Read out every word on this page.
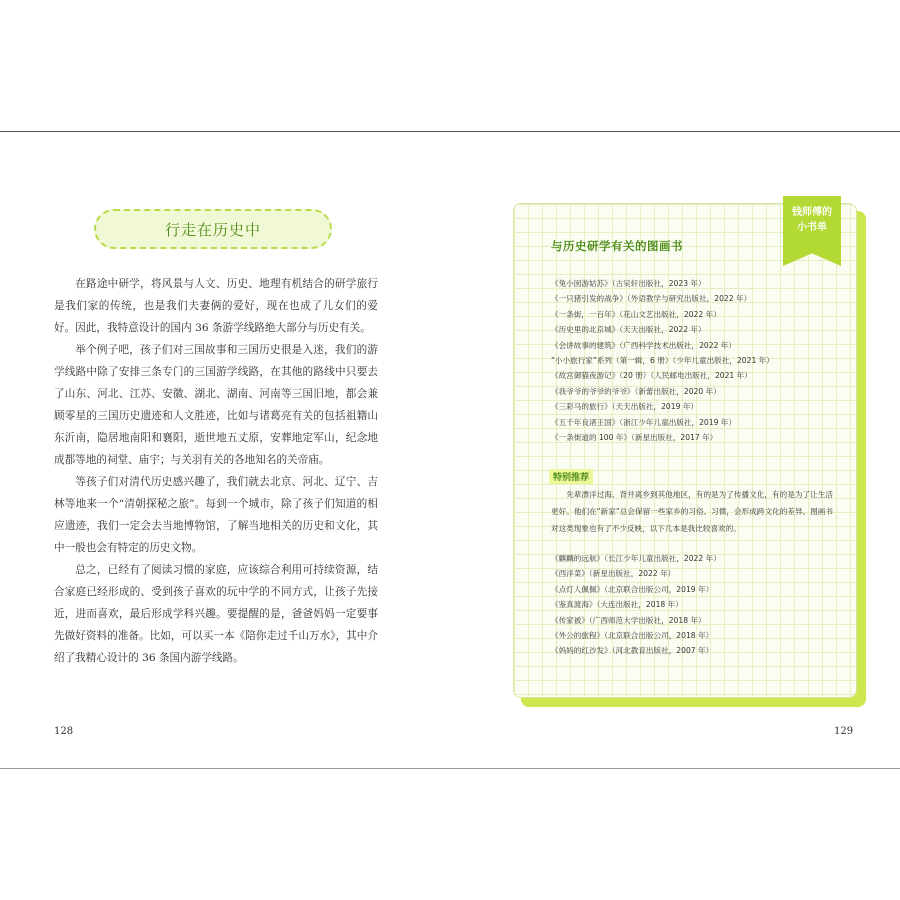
行走在历史中

在路途中研学，将风景与人文、历史、地理有机结合的研学旅行是我们家的传统，也是我们夫妻俩的爱好，现在也成了儿女们的爱好。因此，我特意设计的国内 36 条游学线路绝大部分与历史有关。

举个例子吧，孩子们对三国故事和三国历史很是入迷，我们的游学线路中除了安排三条专门的三国游学线路，在其他的路线中只要去了山东、河北、江苏、安徽、湖北、湖南、河南等三国旧地，都会兼顾零星的三国历史遗迹和人文胜迹，比如与诸葛亮有关的包括祖籍山东沂南，隐居地南阳和襄阳，逝世地五丈原，安葬地定军山，纪念地成都等地的祠堂、庙宇；与关羽有关的各地知名的关帝庙。

等孩子们对清代历史感兴趣了，我们就去北京、河北、辽宁、吉林等地来一个“清朝探秘之旅”。每到一个城市，除了孩子们知道的相应遗迹，我们一定会去当地博物馆，了解当地相关的历史和文化，其中一般也会有特定的历史文物。

总之，已经有了阅读习惯的家庭，应该综合利用可持续资源，结合家庭已经形成的、受到孩子喜欢的玩中学的不同方式，让孩子先接近，进而喜欢，最后形成学科兴趣。要提醒的是，爸爸妈妈一定要事先做好资料的准备。比如，可以买一本《陪你走过千山万水》，其中介绍了我精心设计的 36 条国内游学线路。

128
钱师傅的
小书单
与历史研学有关的图画书
《兔小囡游姑苏》（古吴轩出版社，2023 年）
《一只猪引发的战争》（外语教学与研究出版社，2022 年）
《一条街，一百年》（花山文艺出版社，2022 年）
《历史里的北京城》（天天出版社，2022 年）
《会讲故事的建筑》（广西科学技术出版社，2022 年）
“小小旅行家”系列（第一辑，6 册）（少年儿童出版社，2021 年）
《故宫御猫夜游记》（20 册）（人民邮电出版社，2021 年）
《我爷爷的爷爷的爷爷》（新蕾出版社，2020 年）
《三彩马的旅行》（天天出版社，2019 年）
《五千年良渚王国》（浙江少年儿童出版社，2019 年）
《一条街道的 100 年》（新星出版社，2017 年）
特别推荐

先辈漂洋过海、背井离乡到其他地区，有的是为了传播文化，有的是为了让生活更好。他们在“新家”总会保留一些家乡的习俗、习惯，会形成跨文化的差异。图画书对这类现象也有了不少反映，以下几本是我比较喜欢的。

《麒麟的远航》（长江少年儿童出版社，2022 年）
《西洋菜》（新星出版社，2022 年）
《点灯人佩佩》（北京联合出版公司，2019 年）
《鉴真渡海》（大连出版社，2018 年）
《传家被》（广西师范大学出版社，2018 年）
《外公的旅程》（北京联合出版公司，2018 年）
《妈妈的红沙发》（河北教育出版社，2007 年）
129
